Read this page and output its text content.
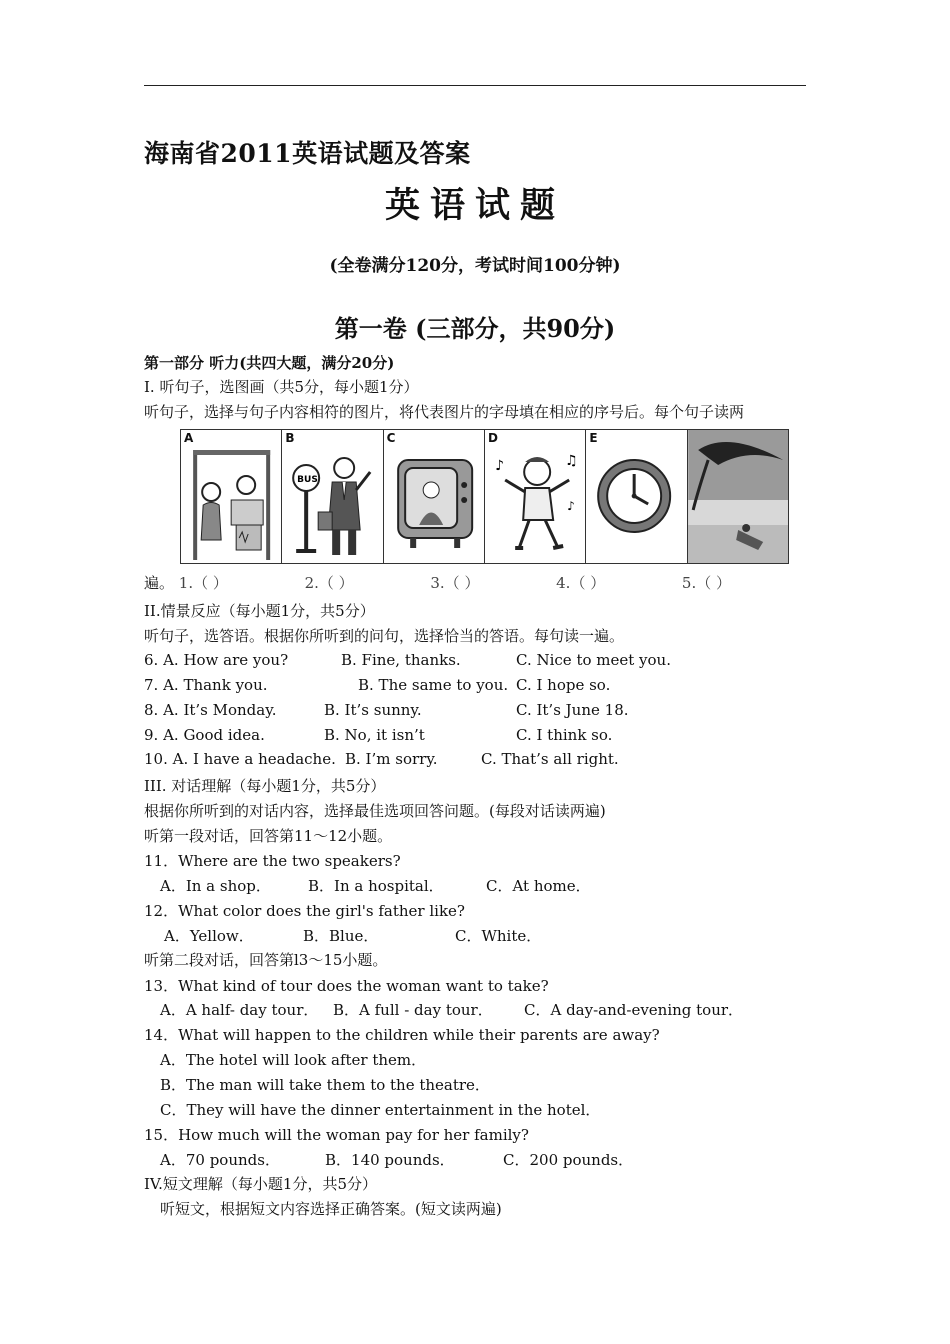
海南省2011英语试题及答案
英语试题
(全卷满分120分，考试时间100分钟)
第一卷 (三部分，共90分)
第一部分 听力(共四大题，满分20分)
I. 听句子，选图画（共5分，每小题1分）
听句子，选择与句子内容相符的图片，将代表图片的字母填在相应的序号后。每个句子读两
A	B
BUS
C	D
♪	♫
♪
E
遍。 1.（ ）	2.（ ）	3.（ ）	4.（ ）	5.（ ）
II.情景反应（每小题1分，共5分）
听句子，选答语。根据你所听到的问句，选择恰当的答语。每句读一遍。
6. A. How are you?	B. Fine, thanks.	C. Nice to meet you.
7. A. Thank you.	B. The same to you. C. I hope so.
8. A. It’s Monday.	B. It’s sunny.	C. It’s June 18.
9. A. Good idea.	B. No, it isn’t	C. I think so.
10. A. I have a headache. B. I’m sorry.	C. That’s all right.
III. 对话理解（每小题1分，共5分）
根据你所听到的对话内容，选择最佳选项回答问题。(每段对话读两遍)
听第一段对话，回答第11～12小题。
11．Where are the two speakers?
A．In a shop． B．In a hospital．	C．At home．
12．What color does the girl's father like?
A．Yellow．	B．Blue．	C．White．
听第二段对话，回答第l3～15小题。
13．What kind of tour does the woman want to take?
A．A half- day tour． B．A full - day tour． C．A day-and-evening tour．
14．What will happen to the children while their parents are away?
A．The hotel will look after them．
B．The man will take them to the theatre．
C．They will have the dinner entertainment in the hotel．
15．How much will the woman pay for her family?
A．70 pounds．	B．140 pounds．	C．200 pounds．
IV.短文理解（每小题1分，共5分）
听短文，根据短文内容选择正确答案。(短文读两遍)
